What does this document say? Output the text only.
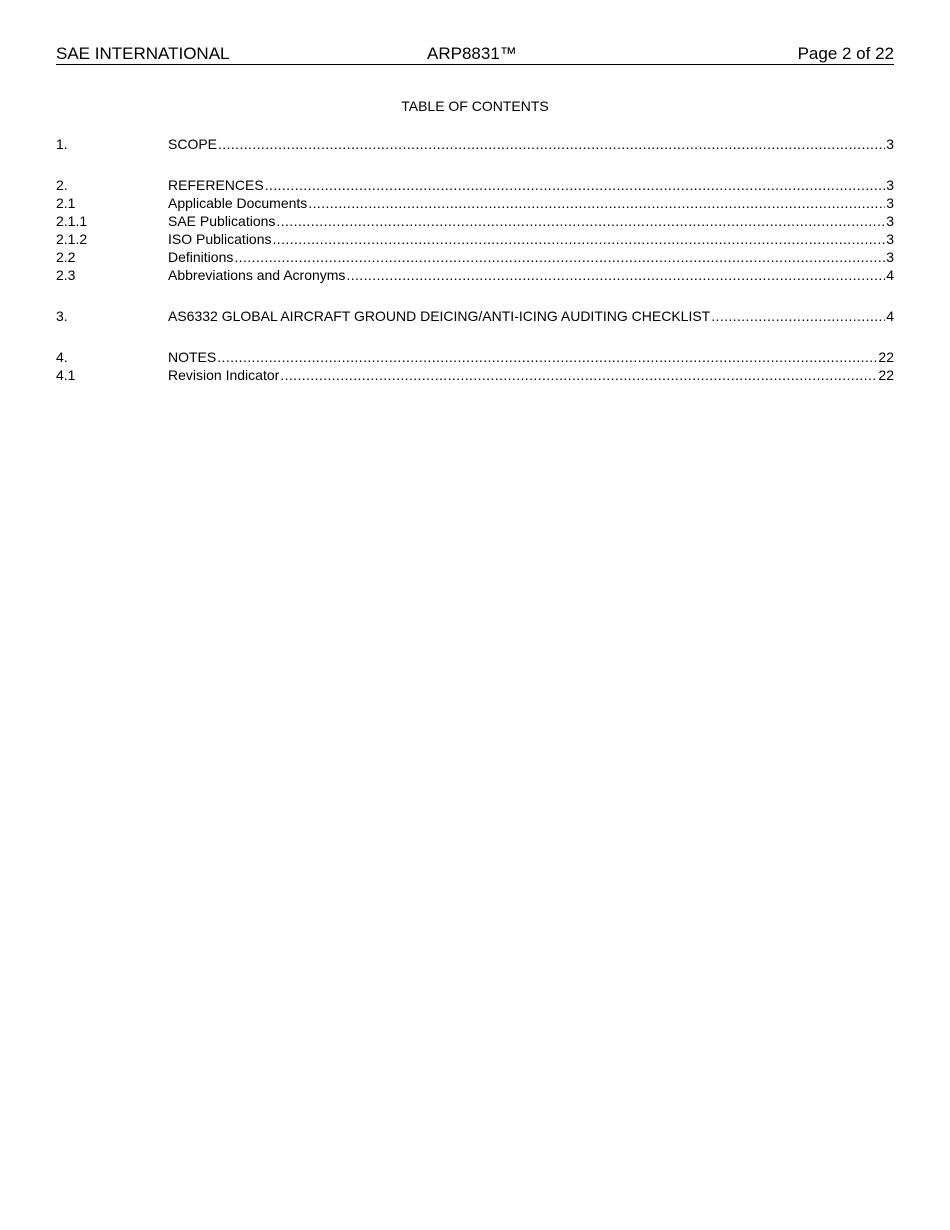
SAE INTERNATIONAL	ARP8831™	Page 2 of 22
TABLE OF CONTENTS
1.	SCOPE .....	3
2.	REFERENCES .....	3
2.1	Applicable Documents .....	3
2.1.1	SAE Publications .....	3
2.1.2	ISO Publications .....	3
2.2	Definitions .....	3
2.3	Abbreviations and Acronyms .....	4
3.	AS6332 GLOBAL AIRCRAFT GROUND DEICING/ANTI-ICING AUDITING CHECKLIST .....	4
4.	NOTES .....	22
4.1	Revision Indicator .....	22
